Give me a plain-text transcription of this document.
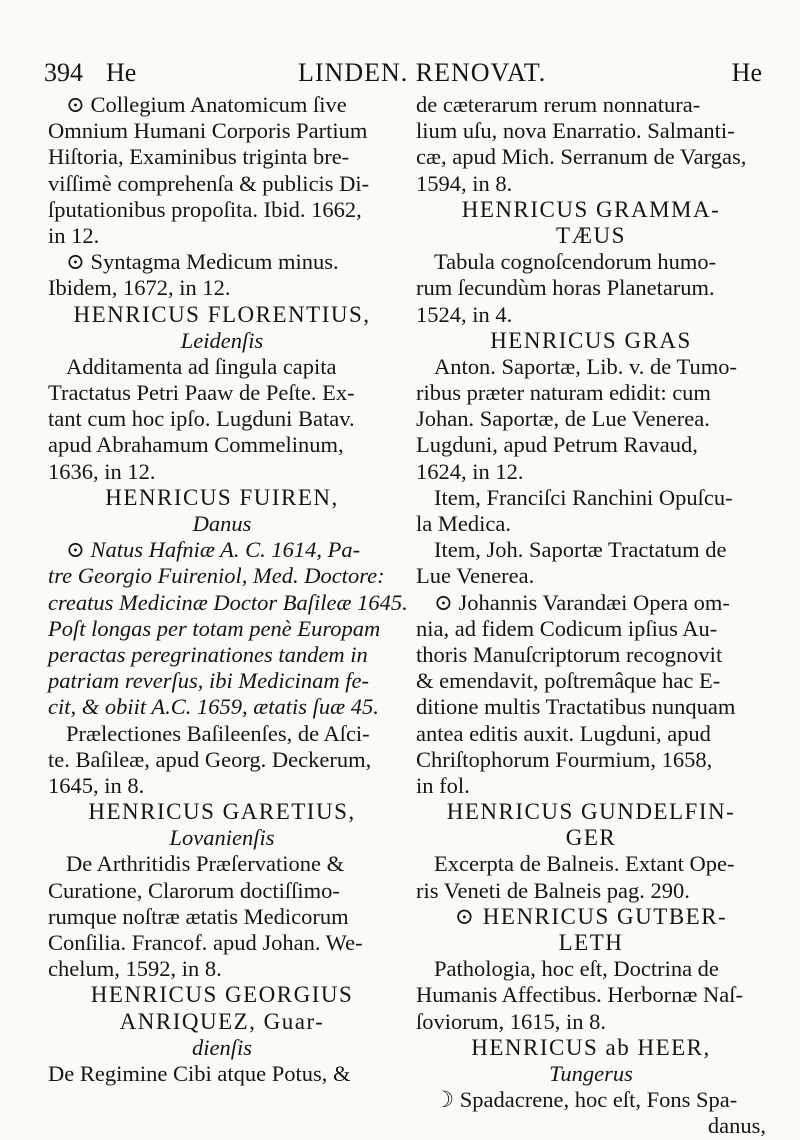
394 He	LINDEN. RENOVAT.	He
⊙ Collegium Anatomicum ſive
Omnium Humani Corporis Partium
Hiſtoria, Examinibus triginta bre-
viſſimè comprehenſa & publicis Di-
ſputationibus propoſita. Ibid. 1662,
in 12.
⊙ Syntagma Medicum minus.
Ibidem, 1672, in 12.
HENRICUS FLORENTIUS,
Leidenſis
Additamenta ad ſingula capita
Tractatus Petri Paaw de Peſte. Ex-
tant cum hoc ipſo. Lugduni Batav.
apud Abrahamum Commelinum,
1636, in 12.
HENRICUS FUIREN,
Danus
⊙ Natus Hafniæ A. C. 1614, Pa-
tre Georgio Fuireniol, Med. Doctore:
creatus Medicinæ Doctor Baſileæ 1645.
Poſt longas per totam penè Europam
peractas peregrinationes tandem in
patriam reverſus, ibi Medicinam fe-
cit, & obiit A.C. 1659, ætatis ſuæ 45.
Prælectiones Baſileenſes, de Aſci-
te. Baſileæ, apud Georg. Deckerum,
1645, in 8.
HENRICUS GARETIUS,
Lovanienſis
De Arthritidis Præſervatione &
Curatione, Clarorum doctiſſimo-
rumque noſtræ ætatis Medicorum
Conſilia. Francof. apud Johan. We-
chelum, 1592, in 8.
HENRICUS GEORGIUS
ANRIQUEZ, Guar-
dienſis
De Regimine Cibi atque Potus, &
de cæterarum rerum nonnatura-
lium uſu, nova Enarratio. Salmanti-
cæ, apud Mich. Serranum de Vargas,
1594, in 8.
HENRICUS GRAMMA-
TÆUS
Tabula cognoſcendorum humo-
rum ſecundùm horas Planetarum.
1524, in 4.
HENRICUS GRAS
Anton. Saportæ, Lib. v. de Tumo-
ribus præter naturam edidit: cum
Johan. Saportæ, de Lue Venerea.
Lugduni, apud Petrum Ravaud,
1624, in 12.
Item, Franciſci Ranchini Opuſcu-
la Medica.
Item, Joh. Saportæ Tractatum de
Lue Venerea.
⊙ Johannis Varandæi Opera om-
nia, ad fidem Codicum ipſius Au-
thoris Manuſcriptorum recognovit
& emendavit, poſtremâque hac E-
ditione multis Tractatibus nunquam
antea editis auxit. Lugduni, apud
Chriſtophorum Fourmium, 1658,
in fol.
HENRICUS GUNDELFIN-
GER
Excerpta de Balneis. Extant Ope-
ris Veneti de Balneis pag. 290.
⊙ HENRICUS GUTBER-
LETH
Pathologia, hoc eſt, Doctrina de
Humanis Affectibus. Herbornæ Naſ-
ſoviorum, 1615, in 8.
HENRICUS ab HEER,
Tungerus
☽ Spadacrene, hoc eſt, Fons Spa-
danus,
